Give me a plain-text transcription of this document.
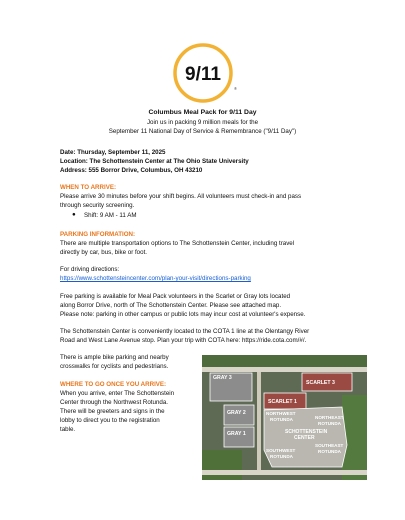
9/11
®

Columbus Meal Pack for 9/11 Day

Join us in packing 9 million meals for the

September 11 National Day of Service & Remembrance ("9/11 Day")

Date: Thursday, September 11, 2025

Location: The Schottenstein Center at The Ohio State University

Address: 555 Borror Drive, Columbus, OH 43210

WHEN TO ARRIVE:

Please arrive 30 minutes before your shift begins. All volunteers must check-in and pass

through security screening.

● Shift: 9 AM - 11 AM

PARKING INFORMATION:

There are multiple transportation options to The Schottenstein Center, including travel

directly by car, bus, bike or foot.

For driving directions:

https://www.schottensteincenter.com/plan-your-visit/directions-parking

Free parking is available for Meal Pack volunteers in the Scarlet or Gray lots located

along Borror Drive, north of The Schottenstein Center. Please see attached map.

Please note: parking in other campus or public lots may incur cost at volunteer's expense.

The Schottenstein Center is conveniently located to the COTA 1 line at the Olentangy River

Road and West Lane Avenue stop. Plan your trip with COTA here: https://ride.cota.com/#/.

There is ample bike parking and nearby

crosswalks for cyclists and pedestrians.

WHERE TO GO ONCE YOU ARRIVE:

When you arrive, enter The Schottenstein

Center through the Northwest Rotunda.

There will be greeters and signs in the

lobby to direct you to the registration

table.

GRAY 3
GRAY 2
GRAY 1
SCARLET 3
SCARLET 1
NORTHWEST
ROTUNDA	NORTHEAST
ROTUNDA
SCHOTTENSTEIN
CENTER
SOUTHWEST
ROTUNDA
SOUTHEAST
ROTUNDA
